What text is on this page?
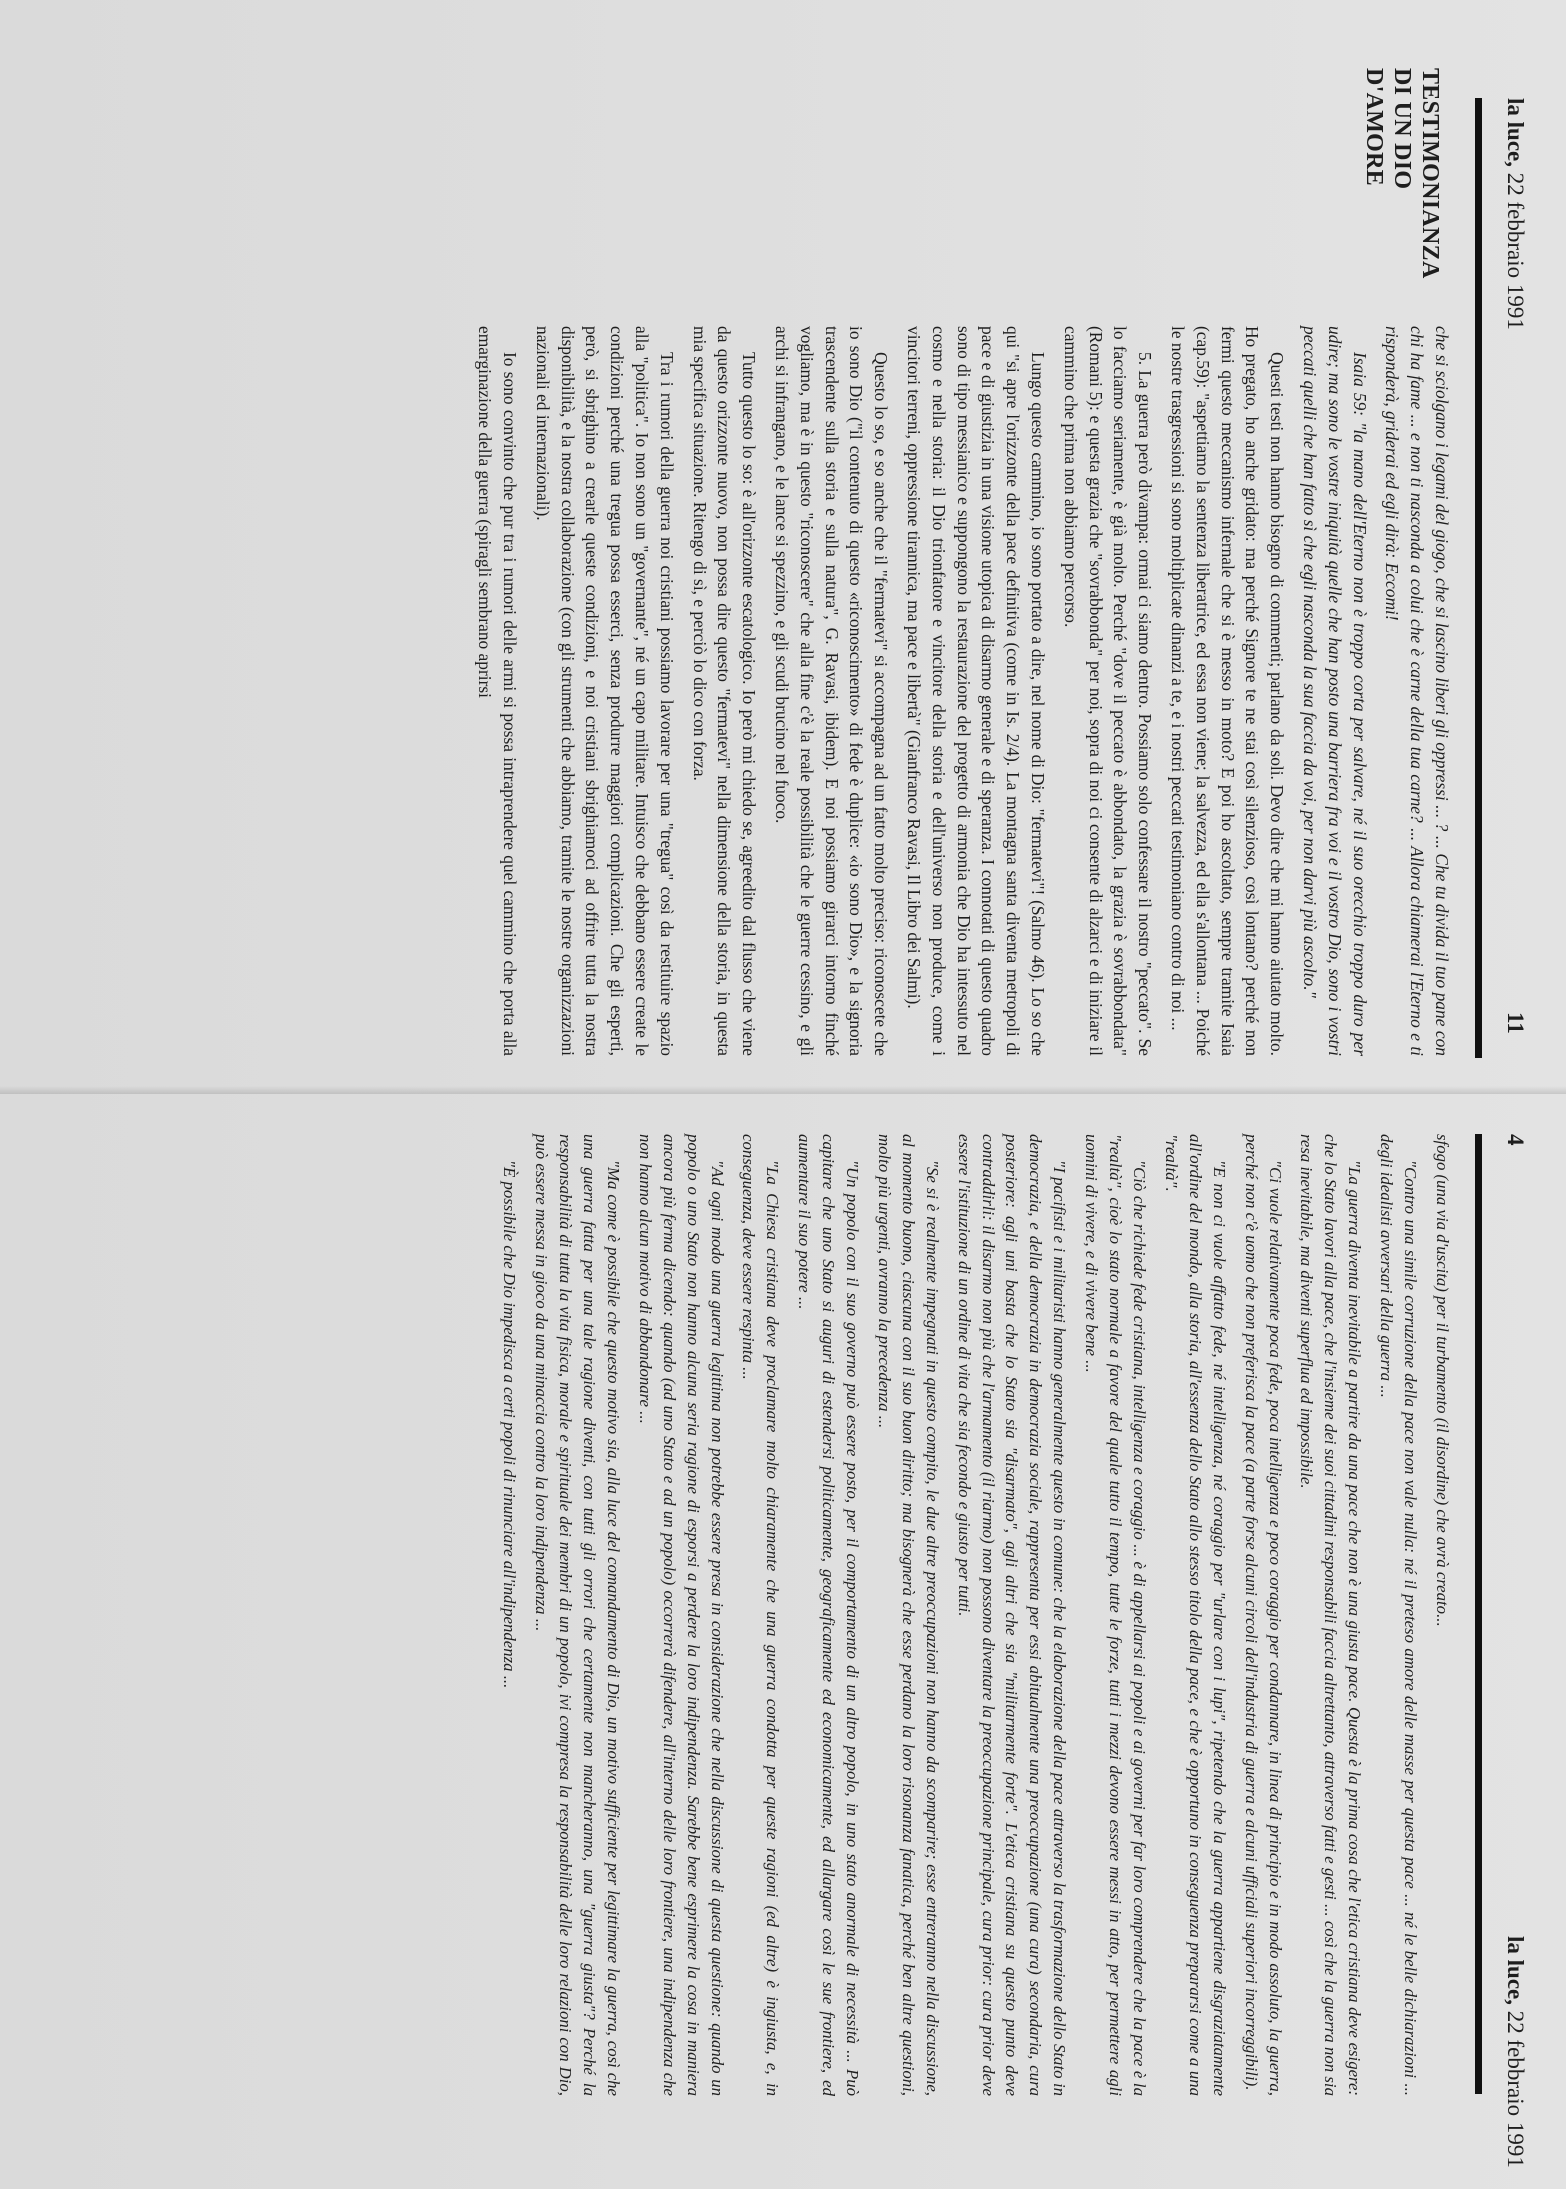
la luce, 22 febbraio 1991
11
TESTIMONIANZA
DI UN DIO
D'AMORE

che si sciolgano i legami del giogo, che si lascino liberi gli oppressi ... ? ... Che tu divida il tuo pane con chi ha fame ... e non ti nasconda a colui che è carne della tua carne? ... Allora chiamerai l'Eterno e ti risponderà, griderai ed egli dirà: Eccomi!

Isaia 59: "la mano dell'Eterno non è troppo corta per salvare, né il suo orecchio troppo duro per udire; ma sono le vostre iniquità quelle che han posto una barriera fra voi e il vostro Dio, sono i vostri peccati quelli che han fatto sì che egli nasconda la sua faccia da voi, per non darvi più ascolto."

Questi testi non hanno bisogno di commenti; parlano da soli. Devo dire che mi hanno aiutato molto. Ho pregato, ho anche gridato: ma perché Signore te ne stai così silenzioso, così lontano? perché non fermi questo meccanismo infernale che si è messo in moto? E poi ho ascoltato, sempre tramite Isaia (cap.59): "aspettiamo la sentenza liberatrice, ed essa non viene; la salvezza, ed ella s'allontana ... Poiché le nostre trasgressioni si sono moltiplicate dinanzi a te, e i nostri peccati testimoniano contro di noi ...

5. La guerra però divampa: ormai ci siamo dentro. Possiamo solo confessare il nostro "peccato". Se lo facciamo seriamente, è già molto. Perché "dove il peccato è abbondato, la grazia è sovrabbondata" (Romani 5): e questa grazia che "sovrabbonda" per noi, sopra di noi ci consente di alzarci e di iniziare il cammino che prima non abbiamo percorso.

Lungo questo cammino, io sono portato a dire, nel nome di Dio: "fermatevi"! (Salmo 46). Lo so che qui "si apre l'orizzonte della pace definitiva (come in Is. 2/4). La montagna santa diventa metropoli di pace e di giustizia in una visione utopica di disarmo generale e di speranza. I connotati di questo quadro sono di tipo messianico e suppongono la restaurazione del progetto di armonia che Dio ha intessuto nel cosmo e nella storia: il Dio trionfatore e vincitore della storia e dell'universo non produce, come i vincitori terreni, oppressione tirannica, ma pace e libertà" (Gianfranco Ravasi, Il Libro dei Salmi).

Questo lo so, e so anche che il "fermatevi" si accompagna ad un fatto molto preciso: riconoscete che io sono Dio ("il contenuto di questo «riconoscimento» di fede è duplice: «io sono Dio», e la signoria trascendente sulla storia e sulla natura", G. Ravasi, ibidem). E noi possiamo girarci intorno finché vogliamo, ma è in questo "riconoscere" che alla fine c'è la reale possibilità che le guerre cessino, e gli archi si infrangano, e le lance si spezzino, e gli scudi brucino nel fuoco.

Tutto questo lo so: è all'orizzonte escatologico. Io però mi chiedo se, agreedito dal flusso che viene da questo orizzonte nuovo, non possa dire questo "fermatevi" nella dimensione della storia, in questa mia specifica situazione. Ritengo di sì, e perciò lo dico con forza.

Tra i rumori della guerra noi cristiani possiamo lavorare per una "tregua" così da restituire spazio alla "politica". Io non sono un "governante", né un capo militare. Intuisco che debbano essere create le condizioni perché una tregua possa esserci, senza produrre maggiori complicazioni. Che gli esperti, però, si sbrighino a crearle queste condizioni, e noi cristiani sbrighiamoci ad offrire tutta la nostra disponibilità, e la nostra collaborazione (con gli strumenti che abbiamo, tramite le nostre organizzazioni nazionali ed internazionali).

Io sono convinto che pur tra i rumori delle armi si possa intraprendere quel cammino che porta alla emarginazione della guerra (spiragli sembrano aprirsi

4
la luce, 22 febbraio 1991

sfogo (una via d'uscita) per il turbamento (il disordine) che avrà creato...

"Contro una simile corruzione della pace non vale nulla: né il preteso amore delle masse per questa pace ... né le belle dichiarazioni ... degli idealisti avversari della guerra ...

"La guerra diventa inevitabile a partire da una pace che non è una giusta pace. Questa è la prima cosa che l'etica cristiana deve esigere: che lo Stato lavori alla pace, che l'insieme dei suoi cittadini responsabili faccia altrettanto, attraverso fatti e gesti ... così che la guerra non sia resa inevitabile, ma diventi superflua ed impossibile.

"Ci vuole relativamente poca fede, poca intelligenza e poco coraggio per condannare, in linea di principio e in modo assoluto, la guerra, perché non c'è uomo che non preferisca la pace (a parte forse alcuni circoli dell'industria di guerra e alcuni ufficiali superiori incorreggibili).

"E non ci vuole affatto fede, né intelligenza, né coraggio per "urlare con i lupi", ripetendo che la guerra appartiene disgraziatamente all'ordine del mondo, alla storia, all'essenza dello Stato allo stesso titolo della pace, e che è opportuno in conseguenza prepararsi come a una "realtà".

"Ciò che richiede fede cristiana, intelligenza e coraggio ... è di appellarsi ai popoli e ai governi per far loro comprendere che la pace è la "realtà", cioè lo stato normale a favore del quale tutto il tempo, tutte le forze, tutti i mezzi devono essere messi in atto, per permettere agli uomini di vivere, e di vivere bene ...

"I pacifisti e i militaristi hanno generalmente questo in comune: che la elaborazione della pace attraverso la trasformazione dello Stato in democrazia, e della democrazia in democrazia sociale, rappresenta per essi abitualmente una preoccupazione (una cura) secondaria, cura posteriore: agli uni basta che lo Stato sia "disarmato", agli altri che sia "militarmente forte". L'etica cristiana su questo punto deve contraddirli: il disarmo non più che l'armamento (il riarmo) non possono diventare la preoccupazione principale, cura prior: cura prior deve essere l'istituzione di un ordine di vita che sia fecondo e giusto per tutti.

"Se si è realmente impegnati in questo compito, le due altre preoccupazioni non hanno da scomparire; esse entreranno nella discussione, al momento buono, ciascuna con il suo buon diritto; ma bisognerà che esse perdano la loro risonanza fanatica, perché ben altre questioni, molto più urgenti, avranno la precedenza ...

"Un popolo con il suo governo può essere posto, per il comportamento di un altro popolo, in uno stato anormale di necessità ... Può capitare che uno Stato si auguri di estendersi politicamente, geograficamente ed economicamente, ed allargare così le sue frontiere, ed aumentare il suo potere ...

"La Chiesa cristiana deve proclamare molto chiaramente che una guerra condotta per queste ragioni (ed altre) è ingiusta, e, in conseguenza, deve essere respinta ...

"Ad ogni modo una guerra legittima non potrebbe essere presa in considerazione che nella discussione di questa questione: quando un popolo o uno Stato non hanno alcuna seria ragione di esporsi a perdere la loro indipendenza. Sarebbe bene esprimere la cosa in maniera ancora più ferma dicendo: quando (ad uno Stato e ad un popolo) occorrerà difendere, all'interno delle loro frontiere, una indipendenza che non hanno alcun motivo di abbandonare ...

"Ma come è possibile che questo motivo sia, alla luce del comandamento di Dio, un motivo sufficiente per legittimare la guerra, così che una guerra fatta per una tale ragione diventi, con tutti gli orrori che certamente non mancheranno, una "guerra giusta"? Perché la responsabilità di tutta la vita fisica, morale e spirituale dei membri di un popolo, ivi compresa la responsabilità delle loro relazioni con Dio, può essere messa in gioco da una minaccia contro la loro indipendenza ...

"È possibile che Dio impedisca a certi popoli di rinunciare all'indipendenza ...
